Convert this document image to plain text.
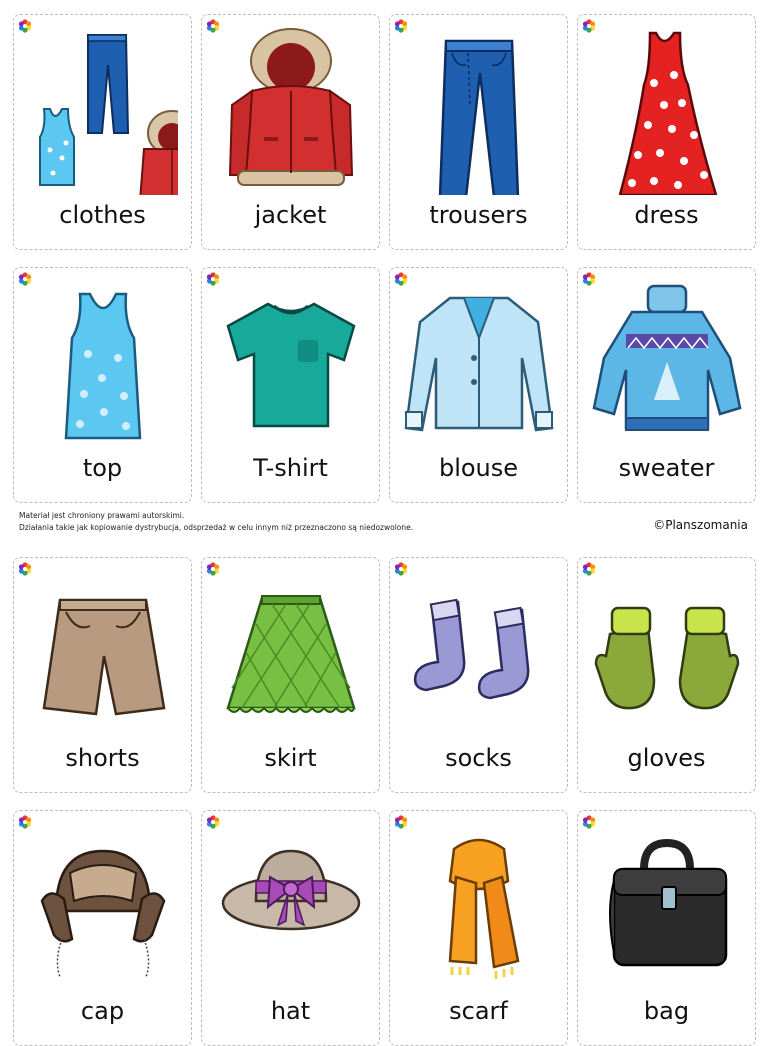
clothes	jacket	trousers	dress
top	T-shirt	blouse	sweater
Materiał jest chroniony prawami autorskimi.
Działania takie jak kopiowanie dystrybucja, odsprzedaż w celu innym niż przeznaczono są niedozwolone.	©Planszomania
shorts	skirt	socks	gloves
cap	hat	scarf	bag
